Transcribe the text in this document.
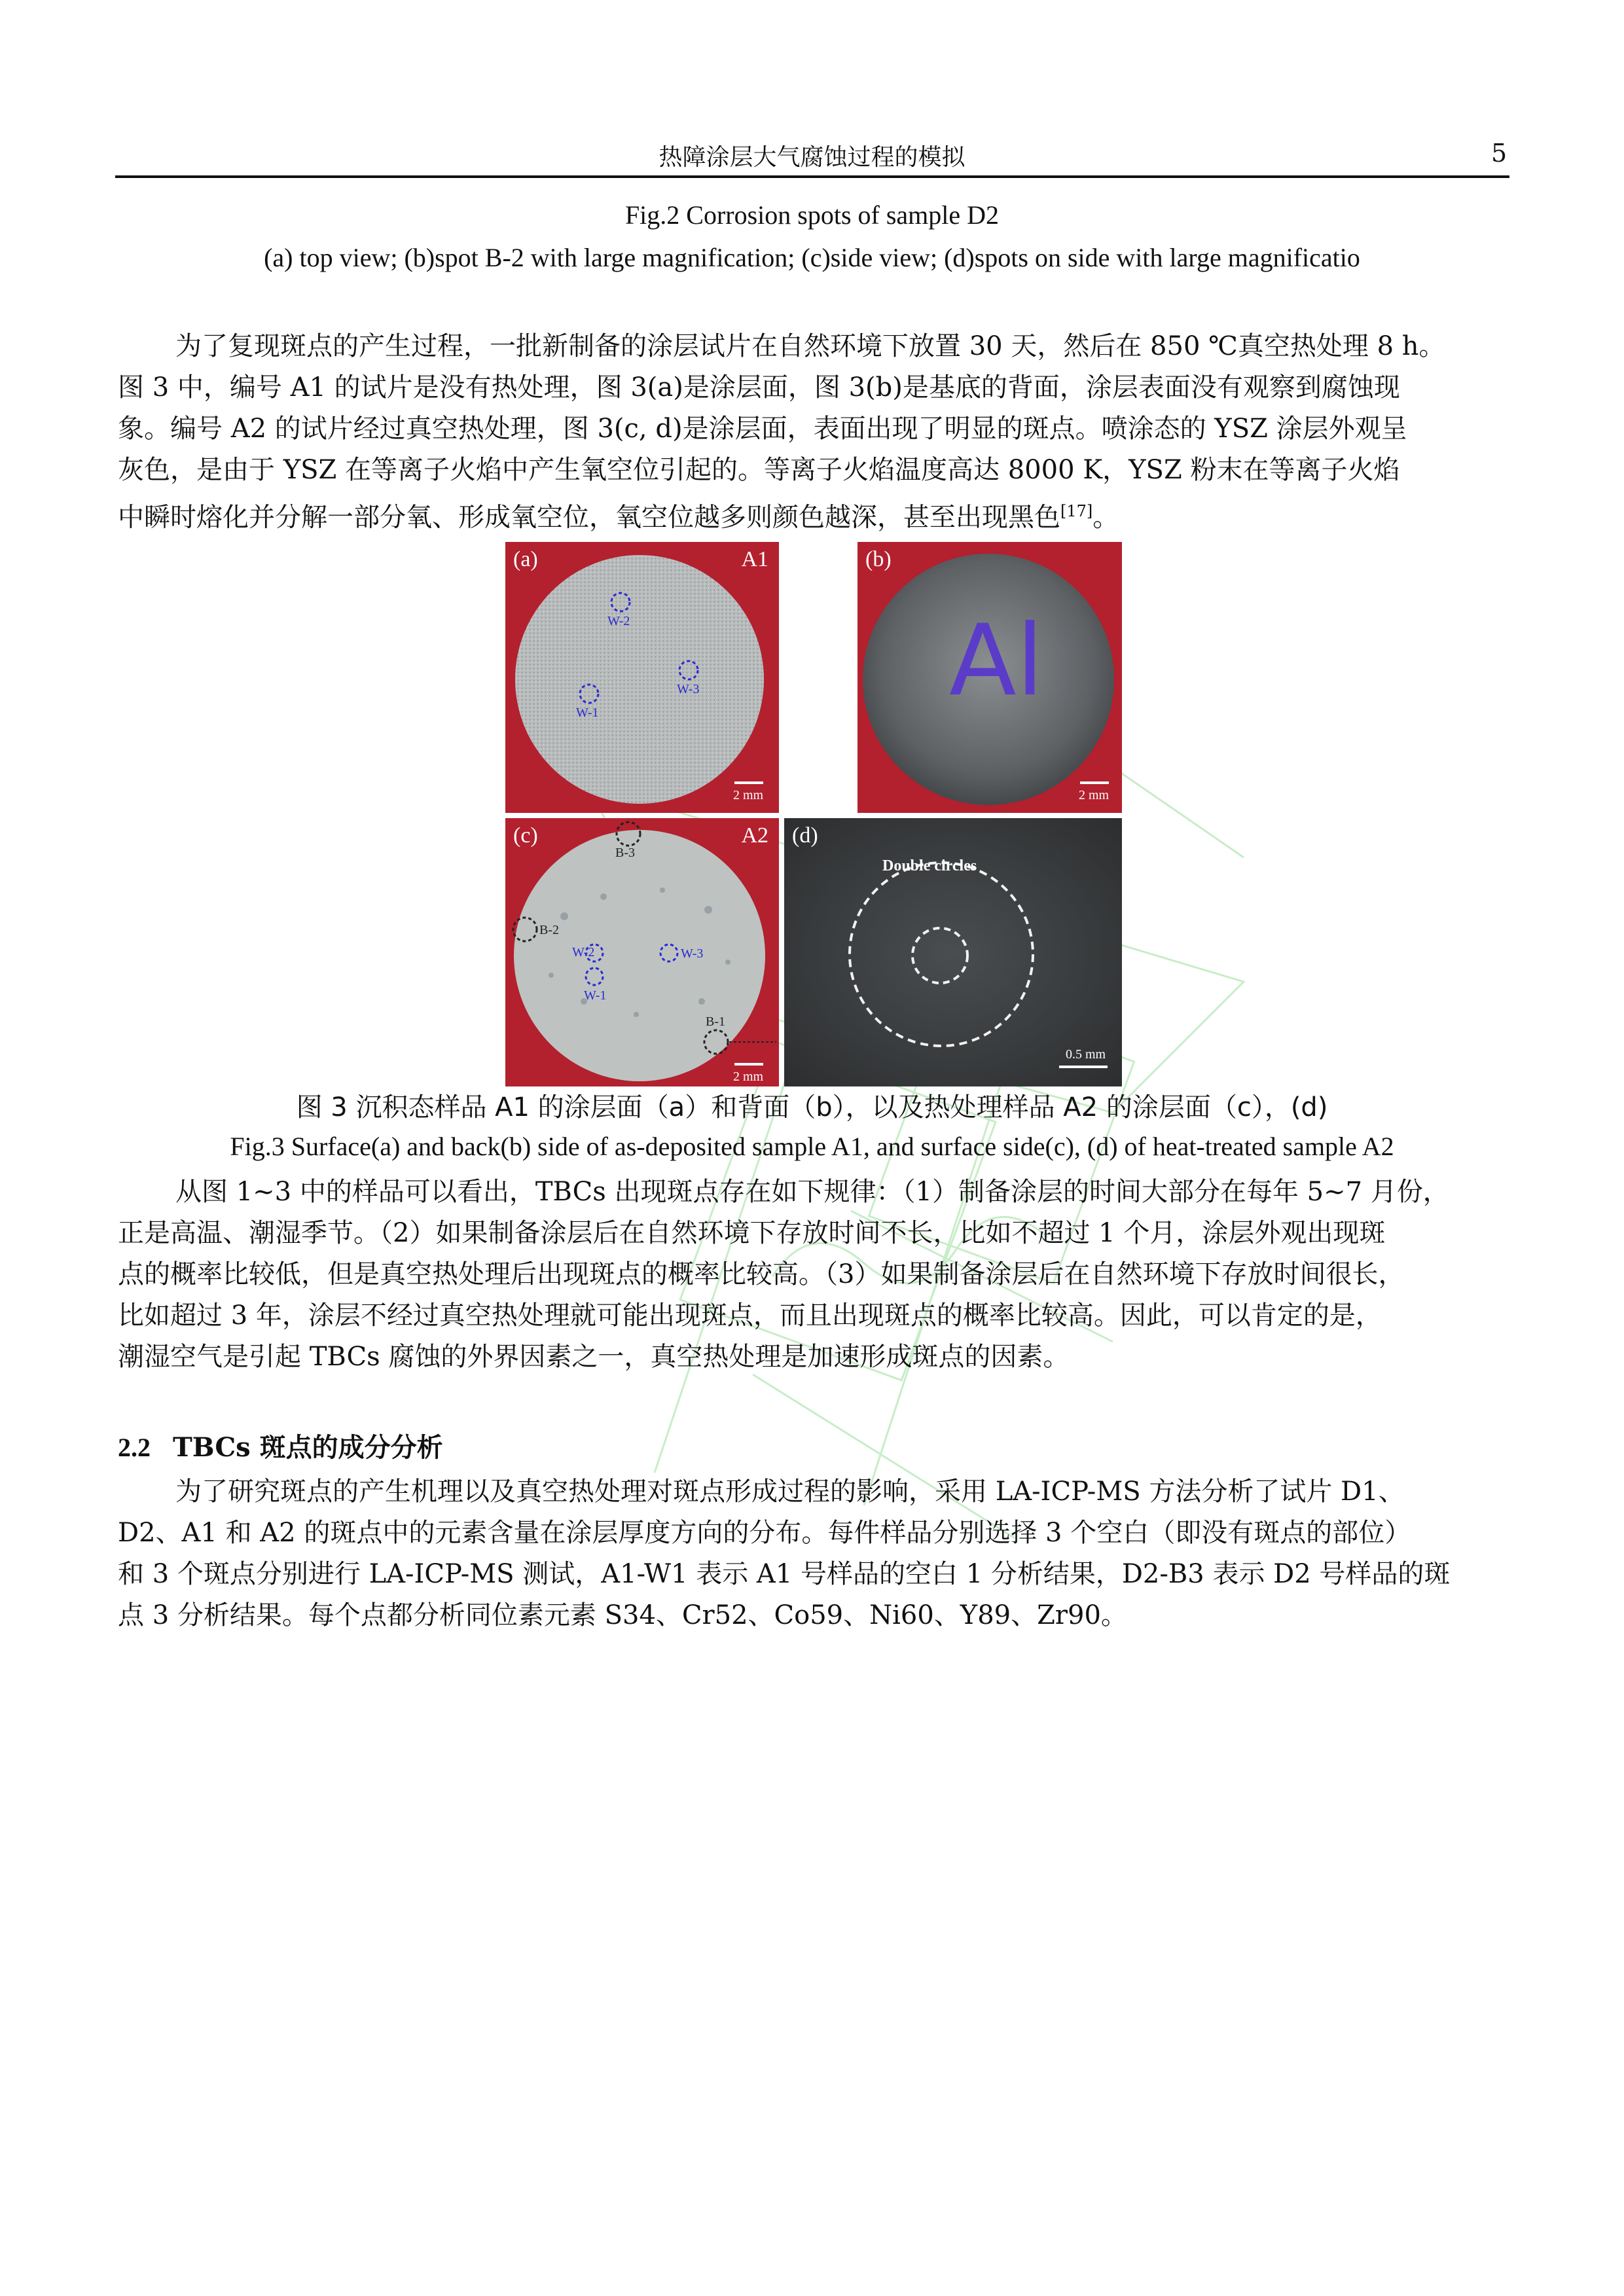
热障涂层大气腐蚀过程的模拟	5
Fig.2 Corrosion spots of sample D2
(a) top view; (b)spot B-2 with large magnification; (c)side view; (d)spots on side with large magnificatio
为了复现斑点的产生过程，一批新制备的涂层试片在自然环境下放置 30 天，然后在 850 ℃真空热处理 8 h。
图 3 中，编号 A1 的试片是没有热处理，图 3(a)是涂层面，图 3(b)是基底的背面，涂层表面没有观察到腐蚀现
象。编号 A2 的试片经过真空热处理，图 3(c, d)是涂层面，表面出现了明显的斑点。喷涂态的 YSZ 涂层外观呈
灰色，是由于 YSZ 在等离子火焰中产生氧空位引起的。等离子火焰温度高达 8000 K，YSZ 粉末在等离子火焰
中瞬时熔化并分解一部分氧、形成氧空位，氧空位越多则颜色越深，甚至出现黑色[17]。
(a)	A1
W-2
W-3
W-1
2 mm
(b)
Al
2 mm
(c)	A2
B-3
B-2
W-2	W-3
W-1
B-1
2 mm
(d)
Double circles
0.5 mm
图 3 沉积态样品 A1 的涂层面（a）和背面（b），以及热处理样品 A2 的涂层面（c），(d)
Fig.3 Surface(a) and back(b) side of as-deposited sample A1, and surface side(c), (d) of heat-treated sample A2
从图 1~3 中的样品可以看出，TBCs 出现斑点存在如下规律：（1）制备涂层的时间大部分在每年 5~7 月份，
正是高温、潮湿季节。（2）如果制备涂层后在自然环境下存放时间不长，比如不超过 1 个月，涂层外观出现斑
点的概率比较低，但是真空热处理后出现斑点的概率比较高。（3）如果制备涂层后在自然环境下存放时间很长，
比如超过 3 年，涂层不经过真空热处理就可能出现斑点，而且出现斑点的概率比较高。因此，可以肯定的是，
潮湿空气是引起 TBCs 腐蚀的外界因素之一，真空热处理是加速形成斑点的因素。
2.2 TBCs 斑点的成分分析
为了研究斑点的产生机理以及真空热处理对斑点形成过程的影响，采用 LA-ICP-MS 方法分析了试片 D1、
D2、A1 和 A2 的斑点中的元素含量在涂层厚度方向的分布。每件样品分别选择 3 个空白（即没有斑点的部位）
和 3 个斑点分别进行 LA-ICP-MS 测试，A1-W1 表示 A1 号样品的空白 1 分析结果，D2-B3 表示 D2 号样品的斑
点 3 分析结果。每个点都分析同位素元素 S34、Cr52、Co59、Ni60、Y89、Zr90。
